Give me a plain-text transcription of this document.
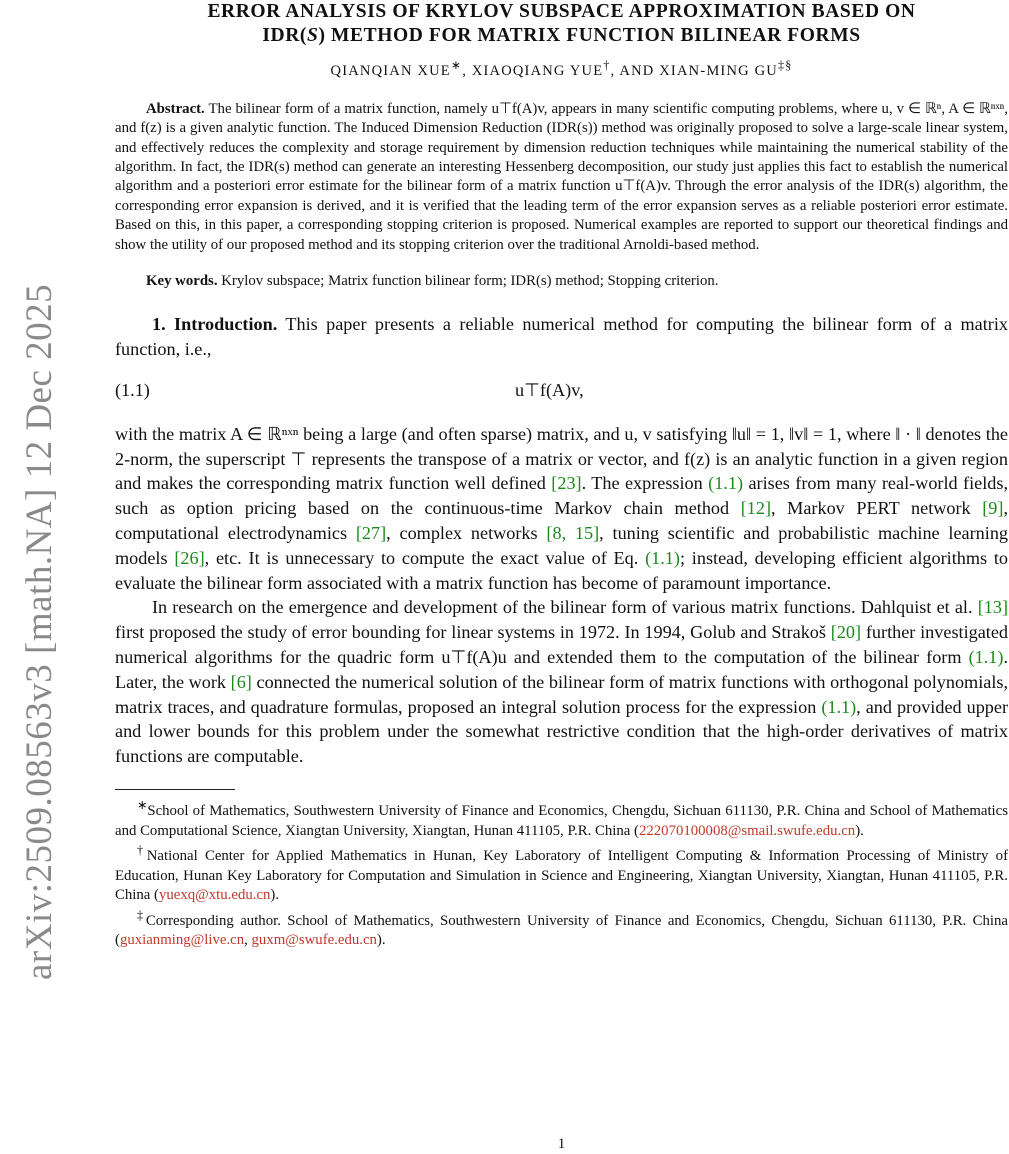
arXiv:2509.08563v3 [math.NA] 12 Dec 2025
ERROR ANALYSIS OF KRYLOV SUBSPACE APPROXIMATION BASED ON
IDR(S) METHOD FOR MATRIX FUNCTION BILINEAR FORMS
QIANQIAN XUE∗, XIAOQIANG YUE†, AND XIAN-MING GU‡§

Abstract. The bilinear form of a matrix function, namely u⊤f(A)v, appears in many scientific computing problems, where u, v ∈ ℝⁿ, A ∈ ℝⁿˣⁿ, and f(z) is a given analytic function. The Induced Dimension Reduction (IDR(s)) method was originally proposed to solve a large-scale linear system, and effectively reduces the complexity and storage requirement by dimension reduction techniques while maintaining the numerical stability of the algorithm. In fact, the IDR(s) method can generate an interesting Hessenberg decomposition, our study just applies this fact to establish the numerical algorithm and a posteriori error estimate for the bilinear form of a matrix function u⊤f(A)v. Through the error analysis of the IDR(s) algorithm, the corresponding error expansion is derived, and it is verified that the leading term of the error expansion serves as a reliable posteriori error estimate. Based on this, in this paper, a corresponding stopping criterion is proposed. Numerical examples are reported to support our theoretical findings and show the utility of our proposed method and its stopping criterion over the traditional Arnoldi-based method.

Key words. Krylov subspace; Matrix function bilinear form; IDR(s) method; Stopping criterion.

1. Introduction. This paper presents a reliable numerical method for computing the bilinear form of a matrix function, i.e.,

(1.1)	u⊤f(A)v,

with the matrix A ∈ ℝⁿˣⁿ being a large (and often sparse) matrix, and u, v satisfying ‖u‖ = 1, ‖v‖ = 1, where ‖ · ‖ denotes the 2-norm, the superscript ⊤ represents the transpose of a matrix or vector, and f(z) is an analytic function in a given region and makes the corresponding matrix function well defined [23]. The expression (1.1) arises from many real-world fields, such as option pricing based on the continuous-time Markov chain method [12], Markov PERT network [9], computational electrodynamics [27], complex networks [8, 15], tuning scientific and probabilistic machine learning models [26], etc. It is unnecessary to compute the exact value of Eq. (1.1); instead, developing efficient algorithms to evaluate the bilinear form associated with a matrix function has become of paramount importance.

In research on the emergence and development of the bilinear form of various matrix functions. Dahlquist et al. [13] first proposed the study of error bounding for linear systems in 1972. In 1994, Golub and Strakoš [20] further investigated numerical algorithms for the quadric form u⊤f(A)u and extended them to the computation of the bilinear form (1.1). Later, the work [6] connected the numerical solution of the bilinear form of matrix functions with orthogonal polynomials, matrix traces, and quadrature formulas, proposed an integral solution process for the expression (1.1), and provided upper and lower bounds for this problem under the somewhat restrictive condition that the high-order derivatives of matrix functions are computable.

∗School of Mathematics, Southwestern University of Finance and Economics, Chengdu, Sichuan 611130, P.R. China and School of Mathematics and Computational Science, Xiangtan University, Xiangtan, Hunan 411105, P.R. China (222070100008@smail.swufe.edu.cn).

†National Center for Applied Mathematics in Hunan, Key Laboratory of Intelligent Computing & Information Processing of Ministry of Education, Hunan Key Laboratory for Computation and Simulation in Science and Engineering, Xiangtan University, Xiangtan, Hunan 411105, P.R. China (yuexq@xtu.edu.cn).

‡Corresponding author. School of Mathematics, Southwestern University of Finance and Economics, Chengdu, Sichuan 611130, P.R. China (guxianming@live.cn, guxm@swufe.edu.cn).

1
